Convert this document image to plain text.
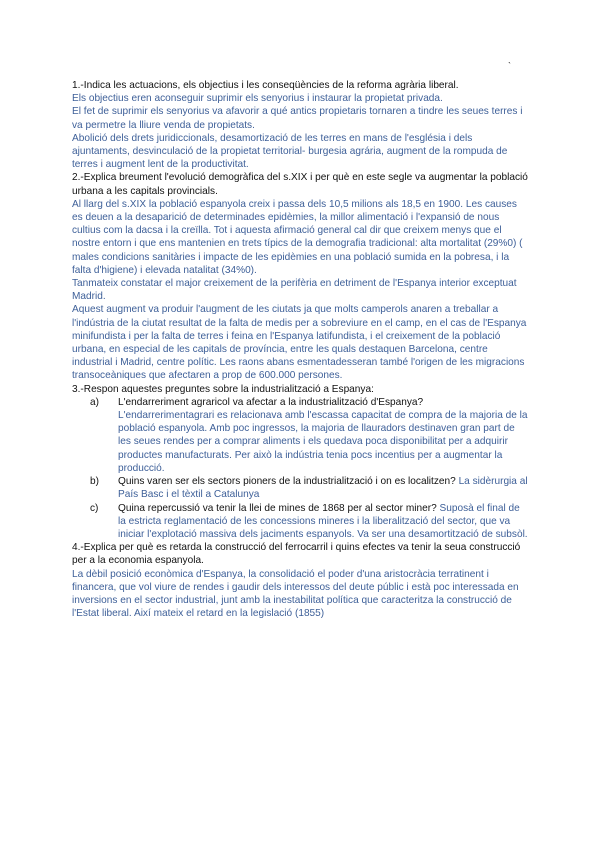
`

1.-Indica les actuacions, els objectius i les conseqüències de la reforma agrària liberal.

Els objectius eren aconseguir suprimir els senyorius i instaurar la propietat privada.

El fet de suprimir els senyorius va afavorir a qué antics propietaris tornaren a tindre les seues terres i va permetre la lliure venda de propietats.

Abolició dels drets juridiccionals, desamortizació de les terres en mans de l'església i dels ajuntaments, desvinculació de la propietat territorial- burgesia agrária, augment de la rompuda de terres i augment lent de la productivitat.

2.-Explica breument l'evolució demogràfica del s.XIX i per què en este segle va augmentar la població urbana a les capitals provincials.

Al llarg del s.XIX la població espanyola creix i passa dels 10,5 milions als 18,5 en 1900. Les causes es deuen a la desaparició de determinades epidèmies, la millor alimentació i l'expansió de nous cultius com la dacsa i la creïlla. Tot i aquesta afirmació general cal dir que creixem menys que el nostre entorn i que ens mantenien en trets típics de la demografia tradicional: alta mortalitat (29%0) ( males condicions sanitàries i impacte de les epidèmies en una població sumida en la pobresa, i la falta d'higiene) i elevada natalitat (34%0).

Tanmateix constatar el major creixement de la perifèria en detriment de l'Espanya interior exceptuat Madrid.

Aquest augment va produir l'augment de les ciutats ja que molts camperols anaren a treballar a l'indústria de la ciutat resultat de la falta de medis per a sobreviure en el camp, en el cas de l'Espanya minifundista i per la falta de terres i feina en l'Espanya latifundista, i el creixement de la població urbana, en especial de les capitals de província, entre les quals destaquen Barcelona, centre industrial i Madrid, centre polític. Les raons abans esmentadesseran també l'origen de les migracions transoceàniques que afectaren a prop de 600.000 persones.

3.-Respon aquestes preguntes sobre la industrialització a Espanya:

a) L'endarreriment agraricol va afectar a la industrialització d'Espanya?
L'endarrerimentagrari es relacionava amb l'escassa capacitat de compra de la majoria de la població espanyola. Amb poc ingressos, la majoria de llauradors destinaven gran part de les seues rendes per a comprar aliments i els quedava poca disponibilitat per a adquirir productes manufacturats. Per això la indústria tenia pocs incentius per a augmentar la producció.
b) Quins varen ser els sectors pioners de la industrialització i on es localitzen? La sidèrurgia al País Basc i el tèxtil a Catalunya
c) Quina repercussió va tenir la llei de mines de 1868 per al sector miner? Suposà el final de la estricta reglamentació de les concessions mineres i la liberalització del sector, que va iniciar l'explotació massiva dels jaciments espanyols. Va ser una desamortització de subsòl.

4.-Explica per què es retarda la construcció del ferrocarril i quins efectes va tenir la seua construcció per a la economia espanyola.

La dèbil posició econòmica d'Espanya, la consolidació el poder d'una aristocràcia terratinent i financera, que vol viure de rendes i gaudir dels interessos del deute públic i està poc interessada en inversions en el sector industrial, junt amb la inestabilitat política que caracteritza la construcció de l'Estat liberal. Així mateix el retard en la legislació (1855)
